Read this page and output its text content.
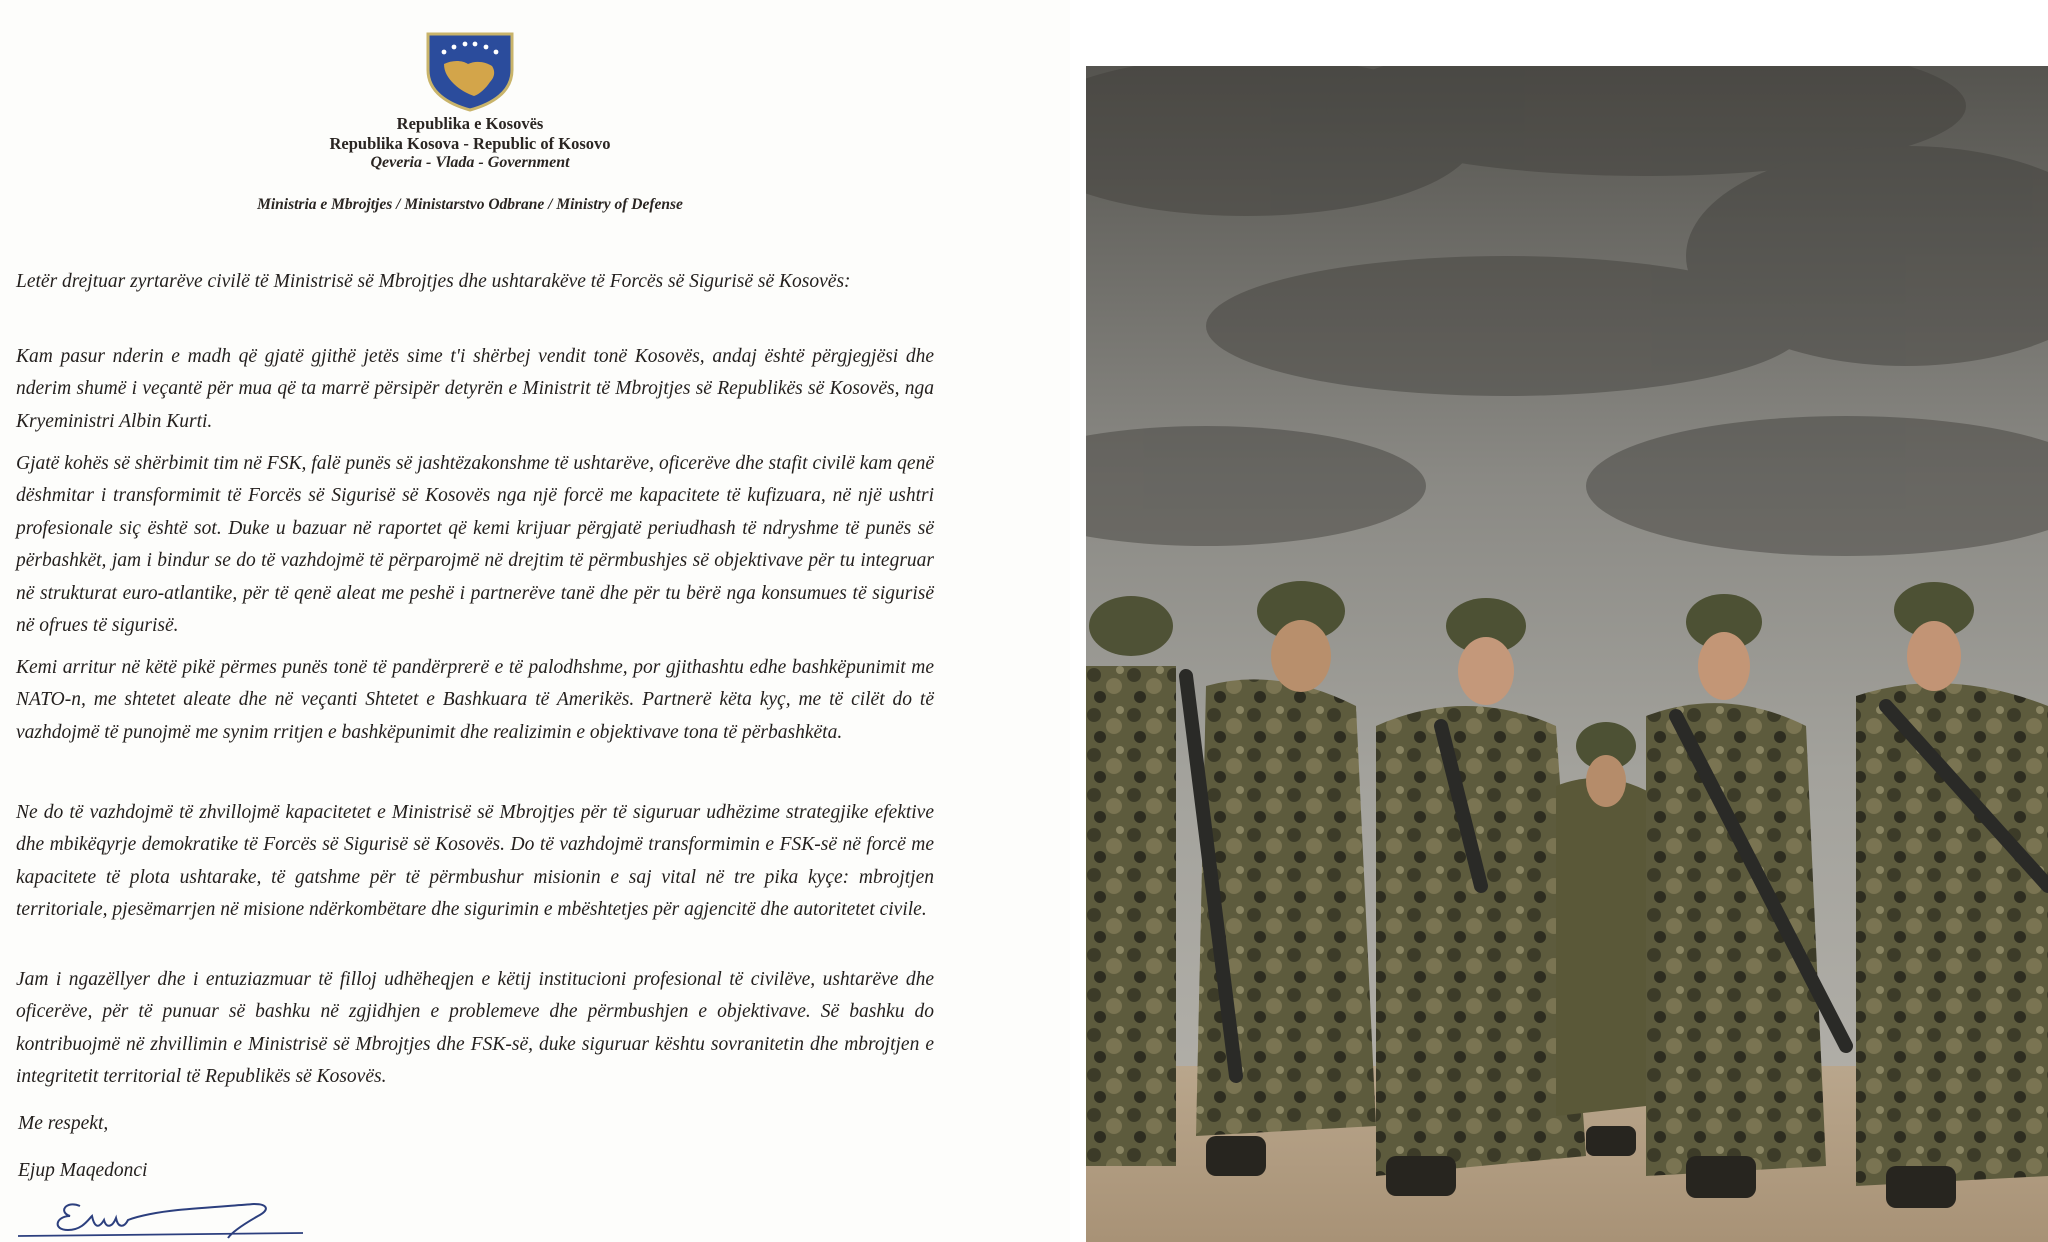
Republika e Kosovës
Republika Kosova - Republic of Kosovo
Qeveria - Vlada - Government
Ministria e Mbrojtjes / Ministarstvo Odbrane / Ministry of Defense

Letër drejtuar zyrtarëve civilë të Ministrisë së Mbrojtjes dhe ushtarakëve të Forcës së Sigurisë së Kosovës:

Kam pasur nderin e madh që gjatë gjithë jetës sime t'i shërbej vendit tonë Kosovës, andaj është përgjegjësi dhe nderim shumë i veçantë për mua që ta marrë përsipër detyrën e Ministrit të Mbrojtjes së Republikës së Kosovës, nga Kryeministri Albin Kurti.

Gjatë kohës së shërbimit tim në FSK, falë punës së jashtëzakonshme të ushtarëve, oficerëve dhe stafit civilë kam qenë dëshmitar i transformimit të Forcës së Sigurisë së Kosovës nga një forcë me kapacitete të kufizuara, në një ushtri profesionale siç është sot. Duke u bazuar në raportet që kemi krijuar përgjatë periudhash të ndryshme të punës së përbashkët, jam i bindur se do të vazhdojmë të përparojmë në drejtim të përmbushjes së objektivave për tu integruar në strukturat euro-atlantike, për të qenë aleat me peshë i partnerëve tanë dhe për tu bërë nga konsumues të sigurisë në ofrues të sigurisë.

Kemi arritur në këtë pikë përmes punës tonë të pandërprerë e të palodhshme, por gjithashtu edhe bashkëpunimit me NATO-n, me shtetet aleate dhe në veçanti Shtetet e Bashkuara të Amerikës. Partnerë këta kyç, me të cilët do të vazhdojmë të punojmë me synim rritjen e bashkëpunimit dhe realizimin e objektivave tona të përbashkëta.

Ne do të vazhdojmë të zhvillojmë kapacitetet e Ministrisë së Mbrojtjes për të siguruar udhëzime strategjike efektive dhe mbikëqyrje demokratike të Forcës së Sigurisë së Kosovës. Do të vazhdojmë transformimin e FSK-së në forcë me kapacitete të plota ushtarake, të gatshme për të përmbushur misionin e saj vital në tre pika kyçe: mbrojtjen territoriale, pjesëmarrjen në misione ndërkombëtare dhe sigurimin e mbështetjes për agjencitë dhe autoritetet civile.

Jam i ngazëllyer dhe i entuziazmuar të filloj udhëheqjen e këtij institucioni profesional të civilëve, ushtarëve dhe oficerëve, për të punuar së bashku në zgjidhjen e problemeve dhe përmbushjen e objektivave. Së bashku do kontribuojmë në zhvillimin e Ministrisë së Mbrojtjes dhe FSK-së, duke siguruar kështu sovranitetin dhe mbrojtjen e integritetit territorial të Republikës së Kosovës.

Me respekt,
Ejup Maqedonci
